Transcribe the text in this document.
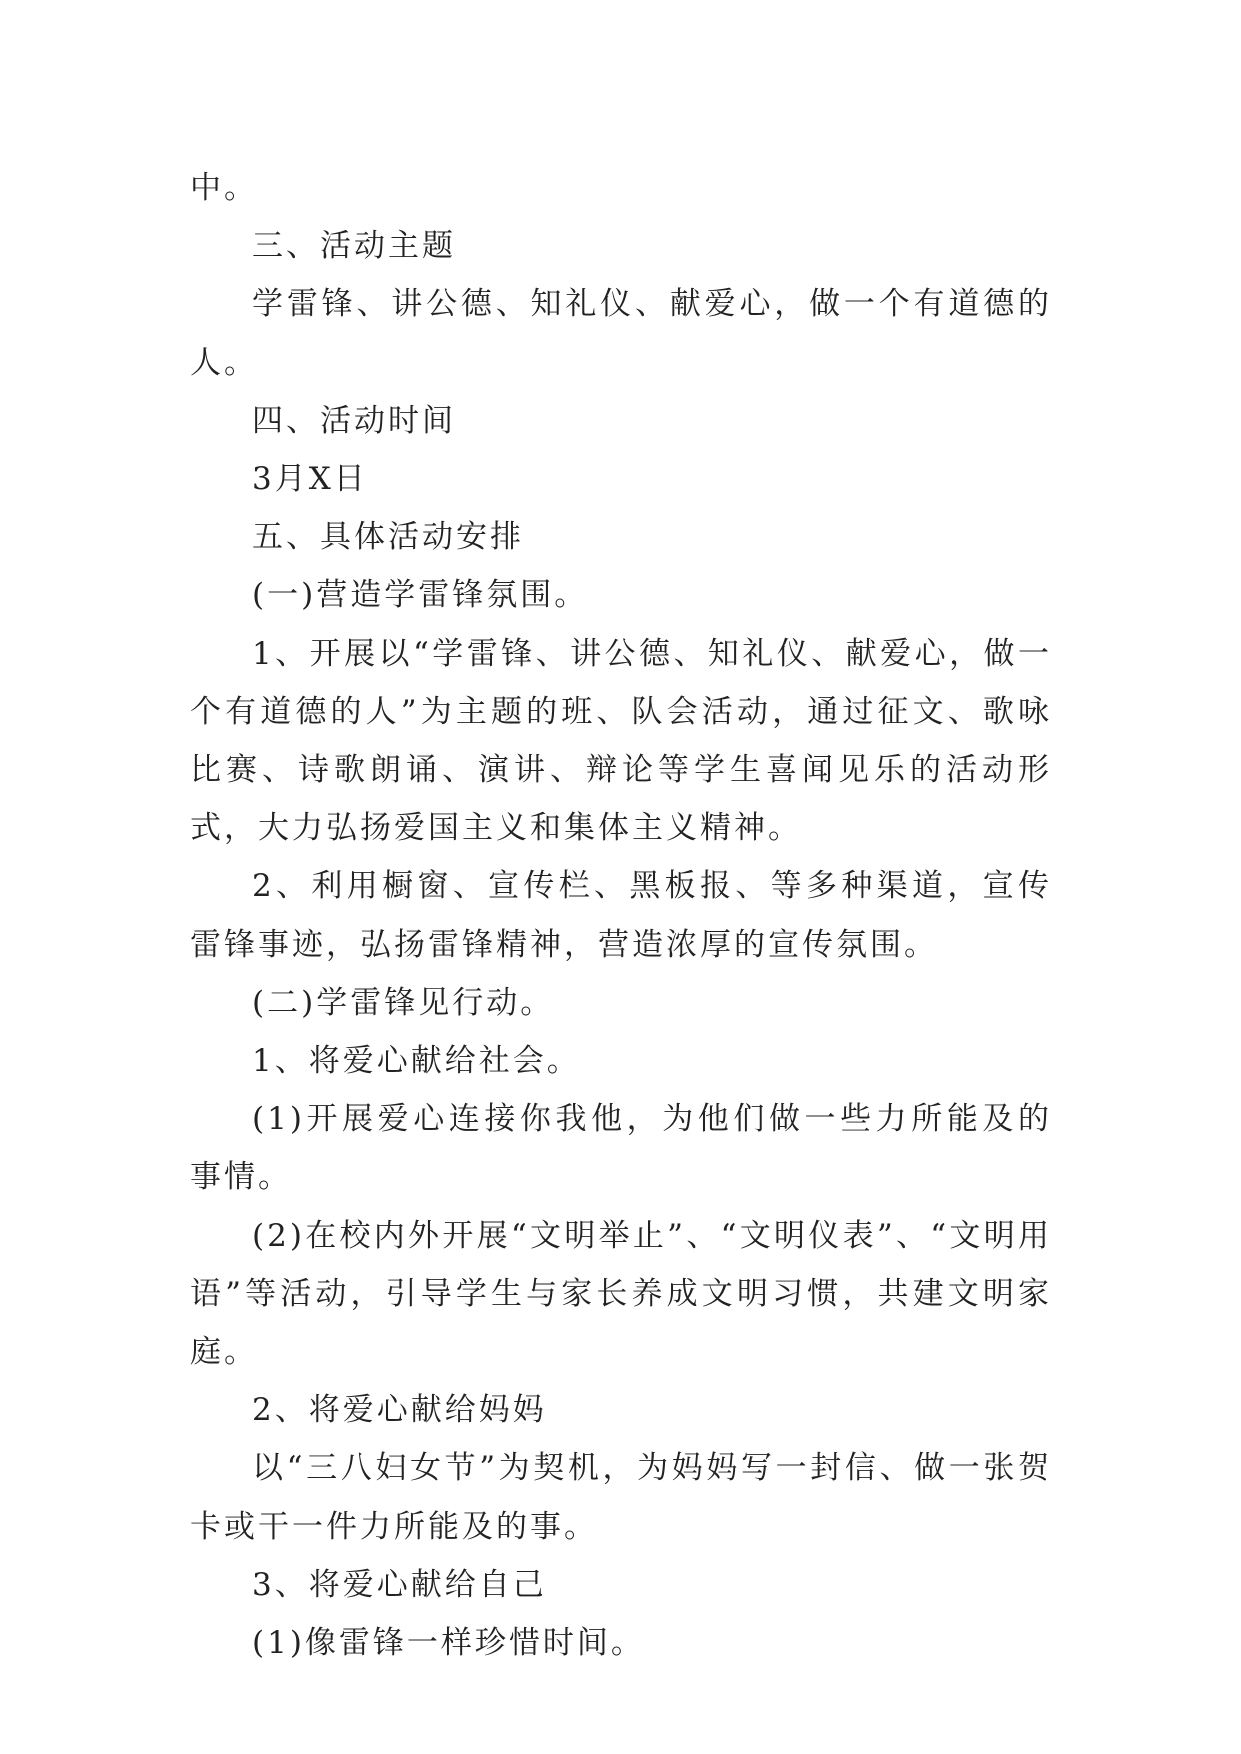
中。

三、活动主题

学雷锋、讲公德、知礼仪、献爱心，做一个有道德的人。

四、活动时间

3月X日

五、具体活动安排

(一)营造学雷锋氛围。

1、开展以“学雷锋、讲公德、知礼仪、献爱心，做一个有道德的人”为主题的班、队会活动，通过征文、歌咏比赛、诗歌朗诵、演讲、辩论等学生喜闻见乐的活动形式，大力弘扬爱国主义和集体主义精神。

2、利用橱窗、宣传栏、黑板报、等多种渠道，宣传雷锋事迹，弘扬雷锋精神，营造浓厚的宣传氛围。

(二)学雷锋见行动。

1、将爱心献给社会。

(1)开展爱心连接你我他，为他们做一些力所能及的事情。

(2)在校内外开展“文明举止”、“文明仪表”、“文明用语”等活动，引导学生与家长养成文明习惯，共建文明家庭。

2、将爱心献给妈妈

以“三八妇女节”为契机，为妈妈写一封信、做一张贺卡或干一件力所能及的事。

3、将爱心献给自己

(1)像雷锋一样珍惜时间。
